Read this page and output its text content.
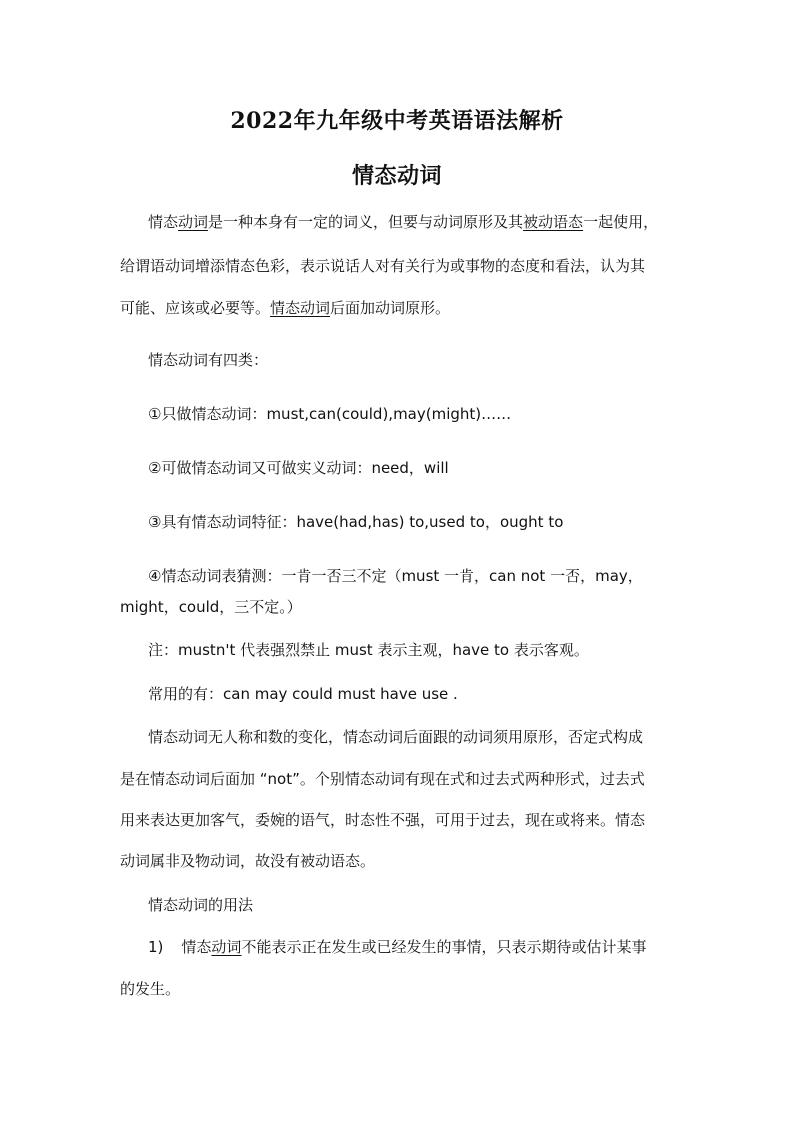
2022年九年级中考英语语法解析
情态动词
情态动词是一种本身有一定的词义，但要与动词原形及其被动语态一起使用，
给谓语动词增添情态色彩，表示说话人对有关行为或事物的态度和看法，认为其
可能、应该或必要等。情态动词后面加动词原形。
情态动词有四类：
①只做情态动词：must,can(could),may(might)……
②可做情态动词又可做实义动词：need，will
③具有情态动词特征：have(had,has) to,used to，ought to
④情态动词表猜测：一肯一否三不定（must 一肯，can not 一否，may，
might，could，三不定。）
注：mustn't 代表强烈禁止 must 表示主观，have to 表示客观。
常用的有：can may could must have use .
情态动词无人称和数的变化，情态动词后面跟的动词须用原形，否定式构成
是在情态动词后面加 “not”。个别情态动词有现在式和过去式两种形式，过去式
用来表达更加客气，委婉的语气，时态性不强，可用于过去，现在或将来。情态
动词属非及物动词，故没有被动语态。
情态动词的用法
1) 情态动词不能表示正在发生或已经发生的事情，只表示期待或估计某事
的发生。
